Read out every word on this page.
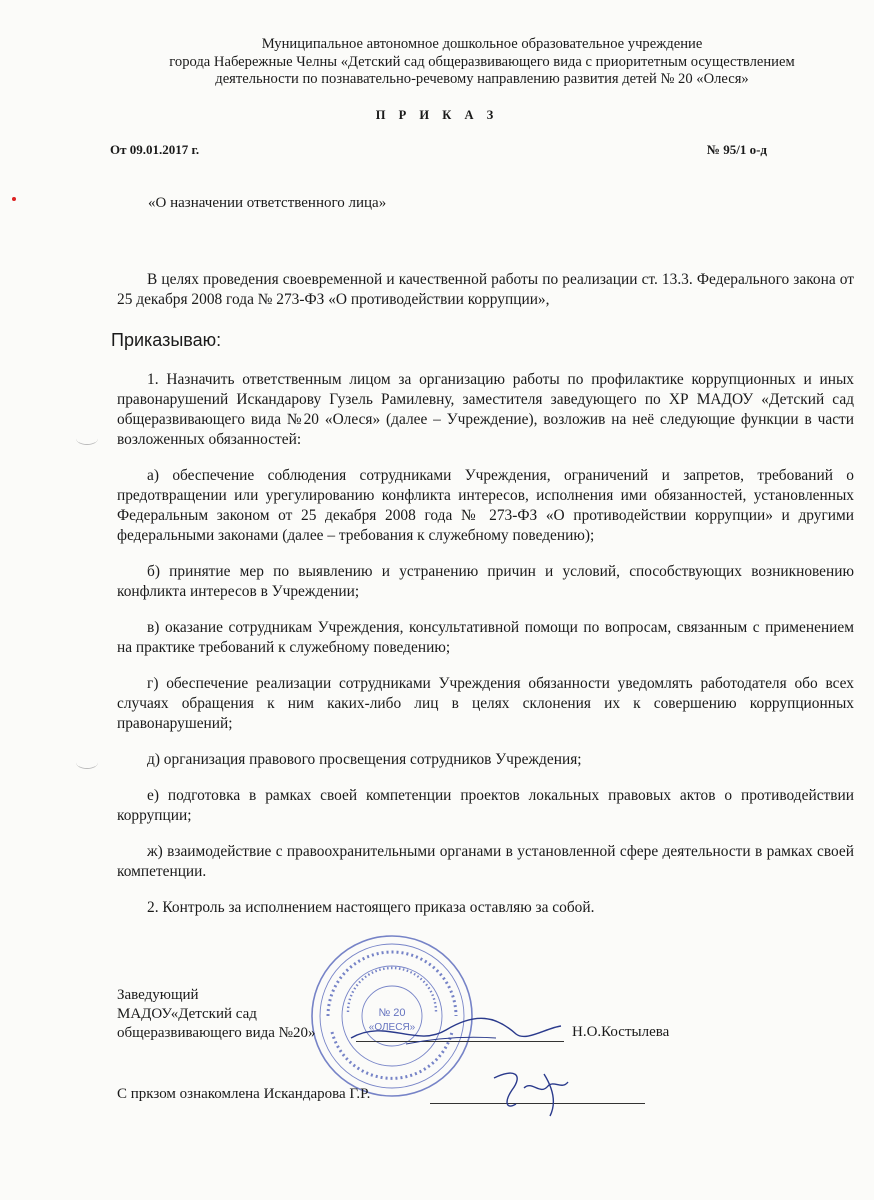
Муниципальное автономное дошкольное образовательное учреждение
города Набережные Челны «Детский сад общеразвивающего вида с приоритетным осуществлением
деятельности по познавательно-речевому направлению развития детей № 20 «Олеся»
П Р И К А З
От 09.01.2017 г.	№ 95/1 о-д
«О назначении ответственного лица»
В целях проведения своевременной и качественной работы по реализации ст. 13.3. Федерального закона от 25 декабря 2008 года № 273-ФЗ «О противодействии коррупции»,
Приказываю:

1. Назначить ответственным лицом за организацию работы по профилактике коррупционных и иных правонарушений Искандарову Гузель Рамилевну, заместителя заведующего по ХР МАДОУ «Детский сад общеразвивающего вида №20 «Олеся» (далее – Учреждение), возложив на неё следующие функции в части возложенных обязанностей:

а) обеспечение соблюдения сотрудниками Учреждения, ограничений и запретов, требований о предотвращении или урегулированию конфликта интересов, исполнения ими обязанностей, установленных Федеральным законом от 25 декабря 2008 года № 273-ФЗ «О противодействии коррупции» и другими федеральными законами (далее – требования к служебному поведению);

б) принятие мер по выявлению и устранению причин и условий, способствующих возникновению конфликта интересов в Учреждении;

в) оказание сотрудникам Учреждения, консультативной помощи по вопросам, связанным с применением на практике требований к служебному поведению;

г) обеспечение реализации сотрудниками Учреждения обязанности уведомлять работодателя обо всех случаях обращения к ним каких-либо лиц в целях склонения их к совершению коррупционных правонарушений;

д) организация правового просвещения сотрудников Учреждения;

е) подготовка в рамках своей компетенции проектов локальных правовых актов о противодействии коррупции;

ж) взаимодействие с правоохранительными органами в установленной сфере деятельности в рамках своей компетенции.

2. Контроль за исполнением настоящего приказа оставляю за собой.

№ 20
«ОЛЕСЯ»
Заведующий
МАДОУ«Детский сад
общеразвивающего вида №20»	Н.О.Костылева
С пркзом ознакомлена Искандарова Г.Р.
